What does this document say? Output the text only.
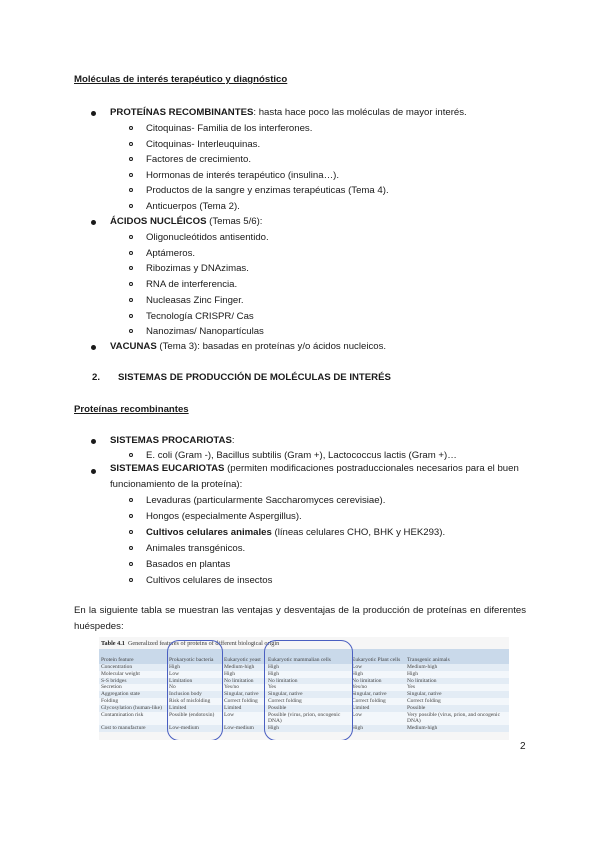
Moléculas de interés terapéutico y diagnóstico
PROTEÍNAS RECOMBINANTES: hasta hace poco las moléculas de mayor interés.
Citoquinas- Familia de los interferones.
Citoquinas- Interleuquinas.
Factores de crecimiento.
Hormonas de interés terapéutico (insulina…).
Productos de la sangre y enzimas terapéuticas (Tema 4).
Anticuerpos (Tema 2).
ÁCIDOS NUCLÉICOS (Temas 5/6):
Oligonucleótidos antisentido.
Aptámeros.
Ribozimas y DNAzimas.
RNA de interferencia.
Nucleasas Zinc Finger.
Tecnología CRISPR/ Cas
Nanozimas/ Nanopartículas
VACUNAS (Tema 3): basadas en proteínas y/o ácidos nucleicos.
2. SISTEMAS DE PRODUCCIÓN DE MOLÉCULAS DE INTERÉS
Proteínas recombinantes
SISTEMAS PROCARIOTAS:
E. coli (Gram -), Bacillus subtilis (Gram +), Lactococcus lactis (Gram +)…
SISTEMAS EUCARIOTAS (permiten modificaciones postraduccionales necesarios para el buen funcionamiento de la proteína):
Levaduras (particularmente Saccharomyces cerevisiae).
Hongos (especialmente Aspergillus).
Cultivos celulares animales (líneas celulares CHO, BHK y HEK293).
Animales transgénicos.
Basados en plantas
Cultivos celulares de insectos
En la siguiente tabla se muestran las ventajas y desventajas de la producción de proteínas en diferentes huéspedes:
Table 4.1 Generalized features of proteins of different biological origin
Protein feature	Prokaryotic bacteria	Eukaryotic yeast	Eukaryotic mammalian cells	Eukaryotic Plant cells	Transgenic animals
Concentration	High	Medium-high	High	Low	Medium-high
Molecular weight	Low	High	High	High	High
S-S bridges	Limitation	No limitation	No limitation	No limitation	No limitation
Secretion	No	Yes/no	Yes	Yes/no	Yes
Aggregation state	Inclusion body	Singular, native	Singular, native	Singular, native	Singular, native
Folding	Risk of misfolding	Correct folding	Correct folding	Correct folding	Correct folding
Glycosylation (human-like)	Limited	Limited	Possible	Limited	Possible
Contamination risk	Possible (endotoxin)	Low	Possible (virus, prion, oncogenic DNA)	Low	Very possible (virus, prion, and oncogenic DNA)
Cost to manufacture	Low-medium	Low-medium	High	High	Medium-high
2
